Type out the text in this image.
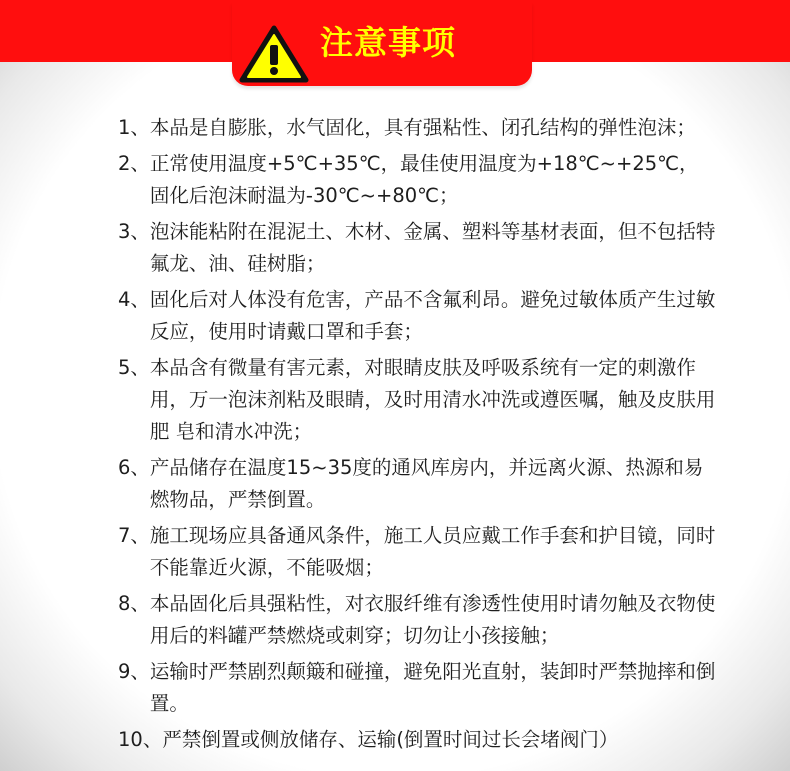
注意事项
1、 本品是自膨胀，水气固化，具有强粘性、闭孔结构的弹性泡沫；
2、 正常使用温度+5℃+35℃，最佳使用温度为+18℃~+25℃，固化后泡沫耐温为-30℃~+80℃；
3、 泡沫能粘附在混泥土、木材、金属、塑料等基材表面，但不包括特氟龙、油、硅树脂；
4、 固化后对人体没有危害，产品不含氟利昂。避免过敏体质产生过敏反应，使用时请戴口罩和手套；
5、 本品含有微量有害元素，对眼睛皮肤及呼吸系统有一定的刺激作用，万一泡沫剂粘及眼睛，及时用清水冲洗或遵医嘱，触及皮肤用肥 皂和清水冲洗；
6、 产品储存在温度15~35度的通风库房内，并远离火源、热源和易燃物品，严禁倒置。
7、 施工现场应具备通风条件，施工人员应戴工作手套和护目镜，同时不能靠近火源，不能吸烟；
8、 本品固化后具强粘性，对衣服纤维有渗透性使用时请勿触及衣物使用后的料罐严禁燃烧或刺穿；切勿让小孩接触；
9、 运输时严禁剧烈颠簸和碰撞，避免阳光直射，装卸时严禁抛摔和倒置。
10、 严禁倒置或侧放储存、运输(倒置时间过长会堵阀门）
